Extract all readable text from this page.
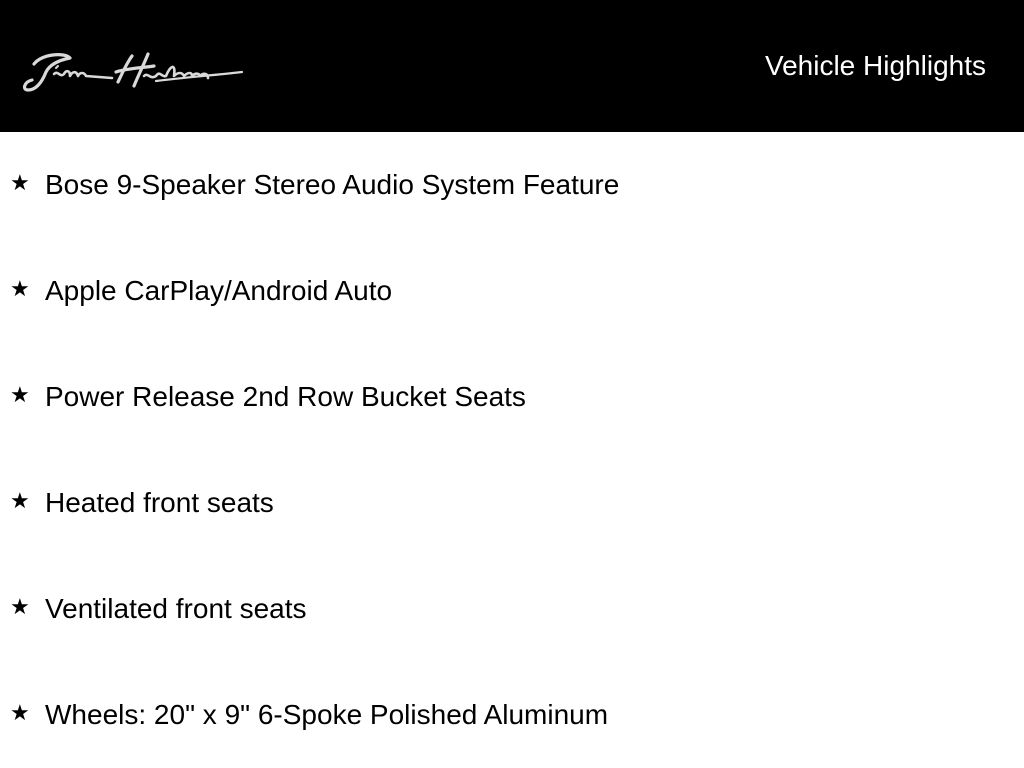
Vehicle Highlights
★ Bose 9-Speaker Stereo Audio System Feature
★ Apple CarPlay/Android Auto
★ Power Release 2nd Row Bucket Seats
★ Heated front seats
★ Ventilated front seats
★ Wheels: 20" x 9" 6-Spoke Polished Aluminum
